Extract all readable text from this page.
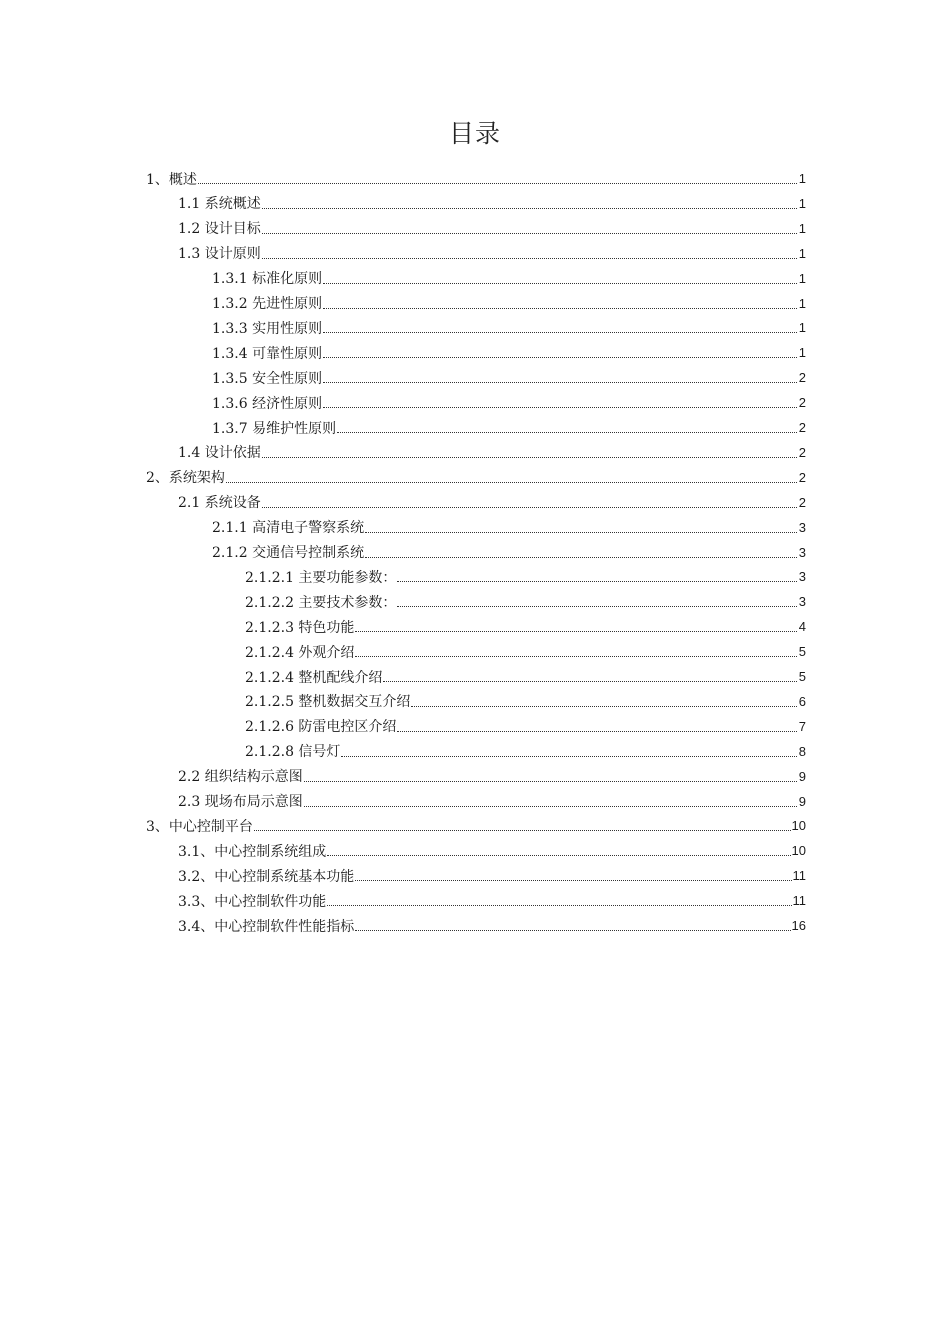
目录
1、概述	1
1.1 系统概述	1
1.2 设计目标	1
1.3 设计原则	1
1.3.1 标准化原则	1
1.3.2 先进性原则	1
1.3.3 实用性原则	1
1.3.4 可靠性原则	1
1.3.5 安全性原则	2
1.3.6 经济性原则	2
1.3.7 易维护性原则	2
1.4 设计依据	2
2、系统架构	2
2.1 系统设备	2
2.1.1 高清电子警察系统	3
2.1.2 交通信号控制系统	3
2.1.2.1 主要功能参数：	3
2.1.2.2 主要技术参数：	3
2.1.2.3 特色功能	4
2.1.2.4 外观介绍	5
2.1.2.4 整机配线介绍	5
2.1.2.5 整机数据交互介绍	6
2.1.2.6 防雷电控区介绍	7
2.1.2.8 信号灯	8
2.2 组织结构示意图	9
2.3 现场布局示意图	9
3、中心控制平台	10
3.1、中心控制系统组成	10
3.2、中心控制系统基本功能	11
3.3、中心控制软件功能	11
3.4、中心控制软件性能指标	16
